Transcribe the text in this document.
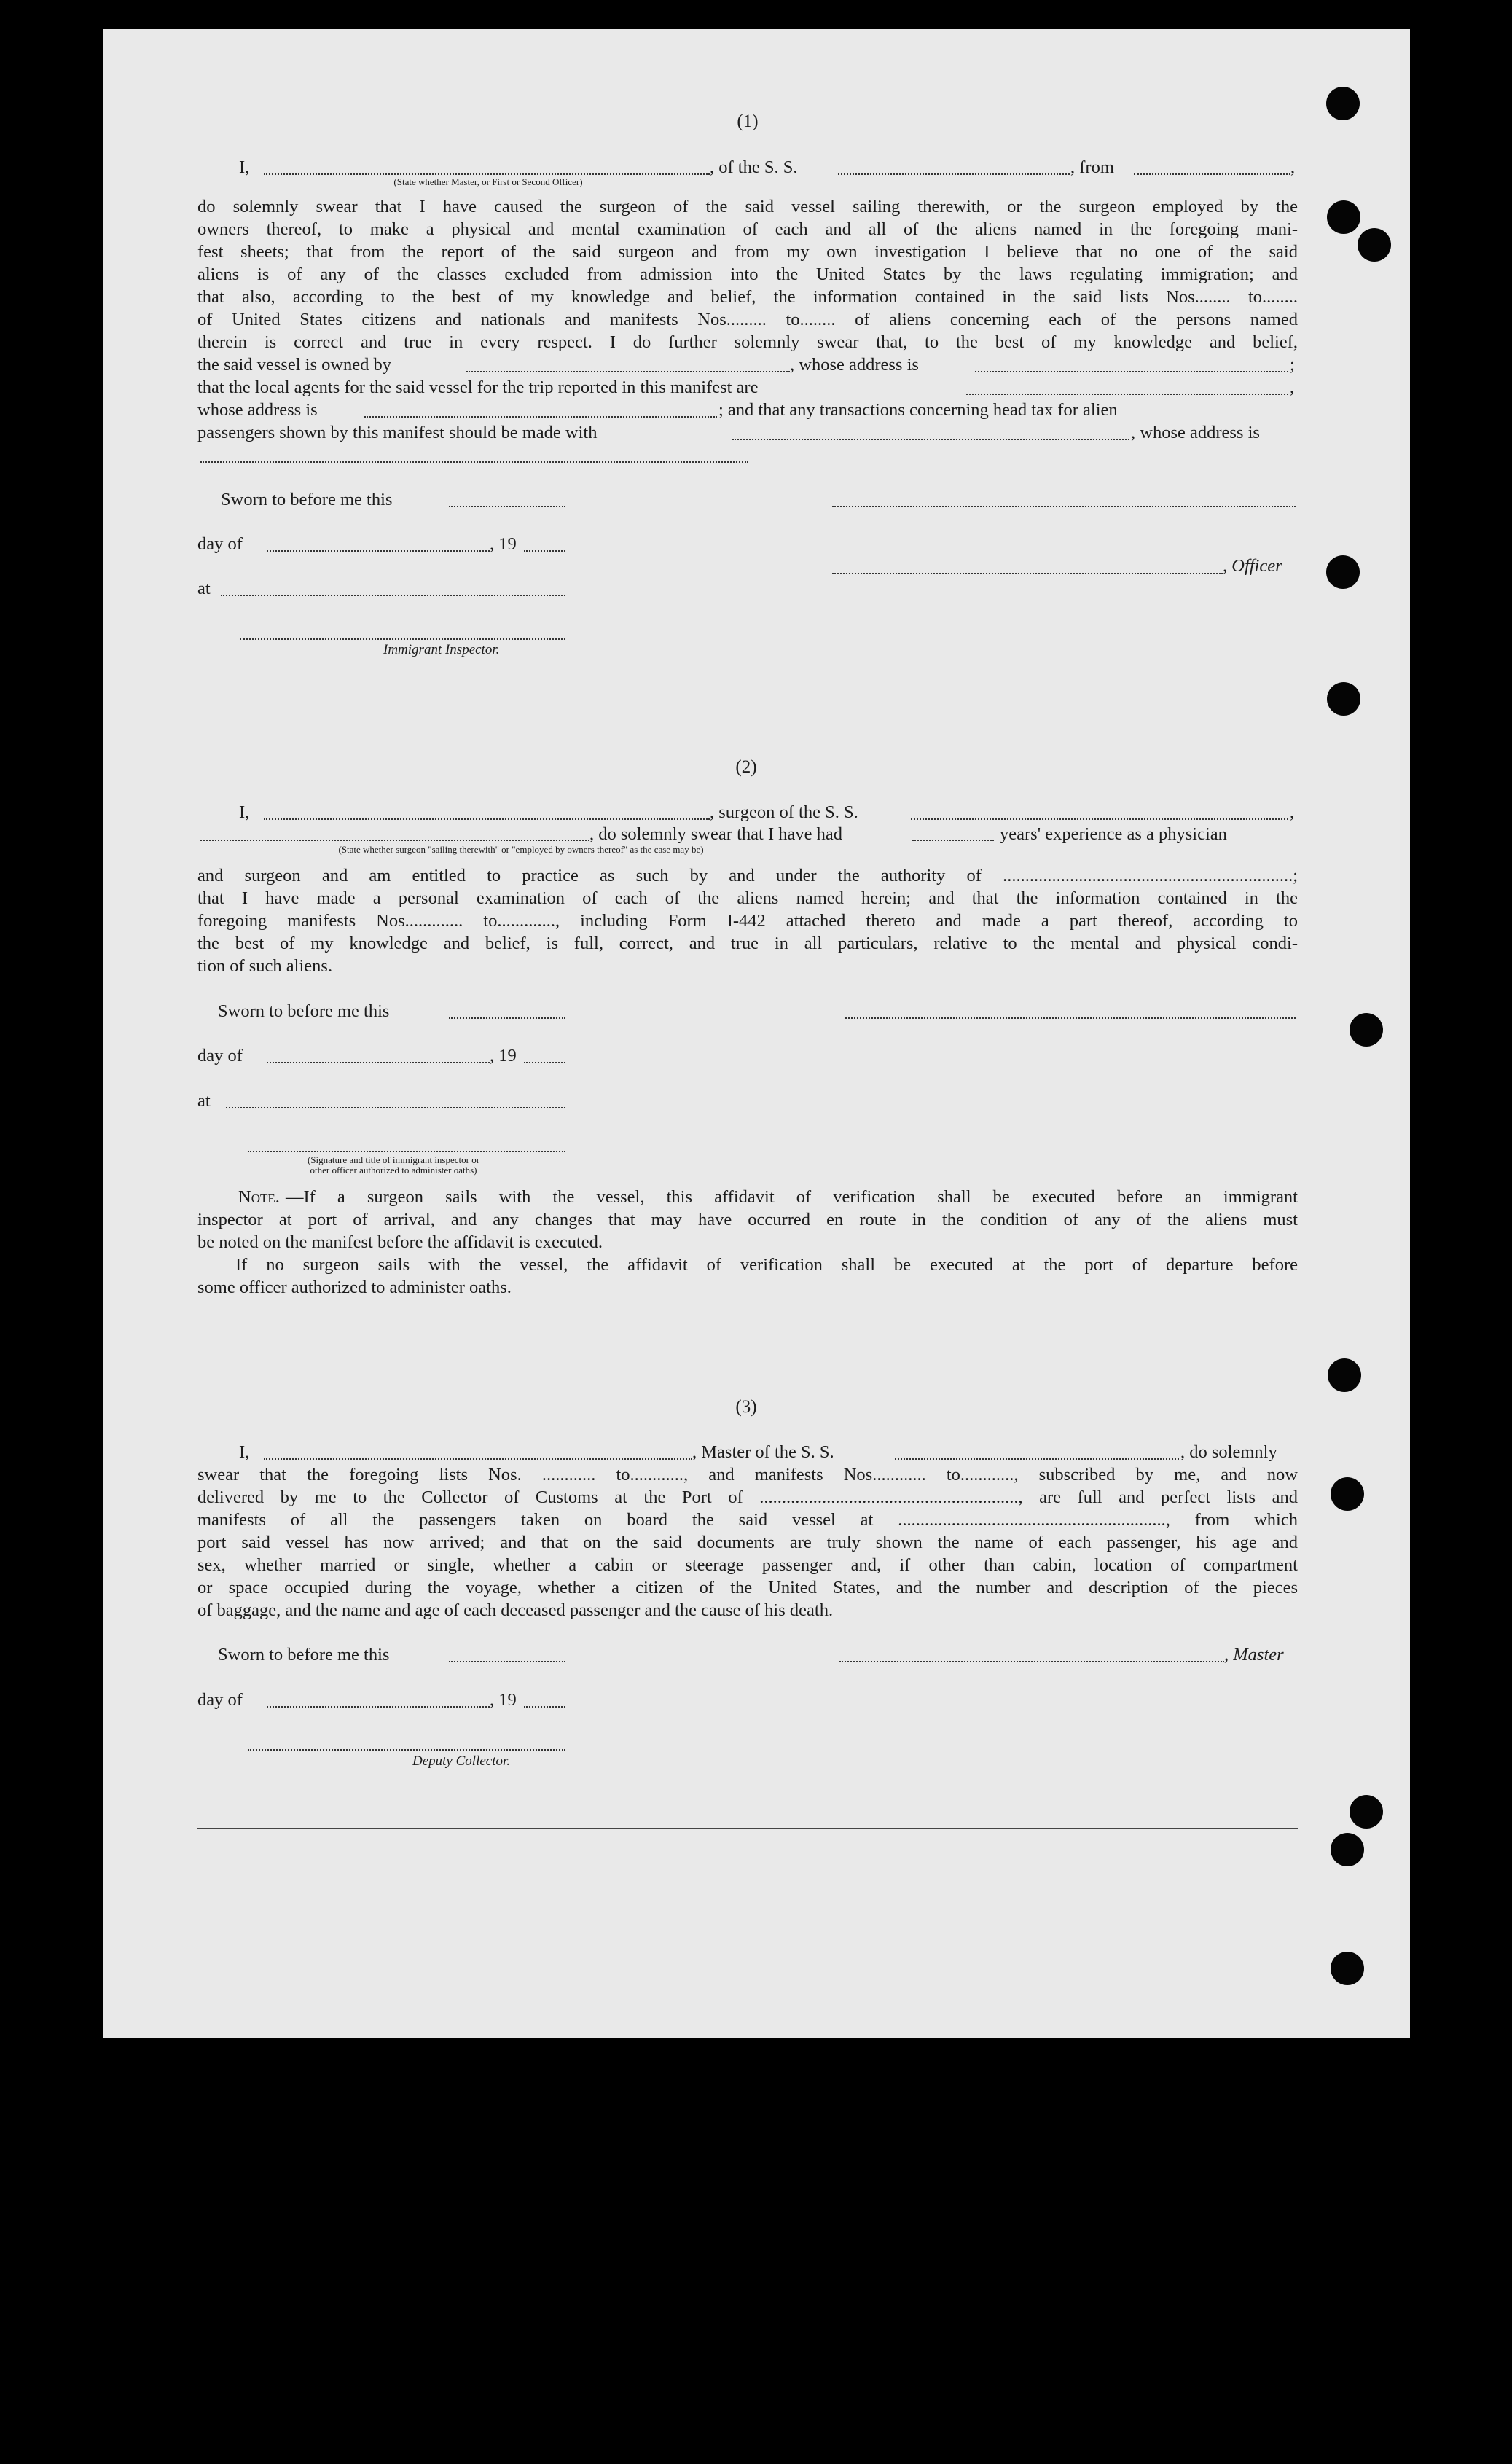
(1)
I,	, of the S. S.	, from	,
(State whether Master, or First or Second Officer)
do solemnly swear that I have caused the surgeon of the said vessel sailing therewith, or the surgeon employed by the
owners thereof, to make a physical and mental examination of each and all of the aliens named in the foregoing mani-
fest sheets; that from the report of the said surgeon and from my own investigation I believe that no one of the said
aliens is of any of the classes excluded from admission into the United States by the laws regulating immigration; and
that also, according to the best of my knowledge and belief, the information contained in the said lists Nos........ to........
of United States citizens and nationals and manifests Nos......... to........ of aliens concerning each of the persons named
therein is correct and true in every respect. I do further solemnly swear that, to the best of my knowledge and belief,
the said vessel is owned by	, whose address is	;
that the local agents for the said vessel for the trip reported in this manifest are	,
whose address is	; and that any transactions concerning head tax for alien
passengers shown by this manifest should be made with	, whose address is
Sworn to before me this
day of	, 19
, Officer
at
Immigrant Inspector.
(2)
I,	, surgeon of the S. S.	,
, do solemnly swear that I have had	years' experience as a physician
(State whether surgeon "sailing therewith" or "employed by owners thereof" as the case may be)
and surgeon and am entitled to practice as such by and under the authority of .................................................................;
that I have made a personal examination of each of the aliens named herein; and that the information contained in the
foregoing manifests Nos............. to............., including Form I-442 attached thereto and made a part thereof, according to
the best of my knowledge and belief, is full, correct, and true in all particulars, relative to the mental and physical condi-
tion of such aliens.
Sworn to before me this
day of	, 19
at
(Signature and title of immigrant inspector or
other officer authorized to administer oaths)
Note. —If a surgeon sails with the vessel, this affidavit of verification shall be executed before an immigrant
inspector at port of arrival, and any changes that may have occurred en route in the condition of any of the aliens must
be noted on the manifest before the affidavit is executed.
If no surgeon sails with the vessel, the affidavit of verification shall be executed at the port of departure before
some officer authorized to administer oaths.
(3)
I,	, Master of the S. S.	, do solemnly
swear that the foregoing lists Nos. ............ to............, and manifests Nos............ to............, subscribed by me, and now
delivered by me to the Collector of Customs at the Port of .........................................................., are full and perfect lists and
manifests of all the passengers taken on board the said vessel at ............................................................, from which
port said vessel has now arrived; and that on the said documents are truly shown the name of each passenger, his age and
sex, whether married or single, whether a cabin or steerage passenger and, if other than cabin, location of compartment
or space occupied during the voyage, whether a citizen of the United States, and the number and description of the pieces
of baggage, and the name and age of each deceased passenger and the cause of his death.
Sworn to before me this	, Master
day of	, 19
Deputy Collector.
